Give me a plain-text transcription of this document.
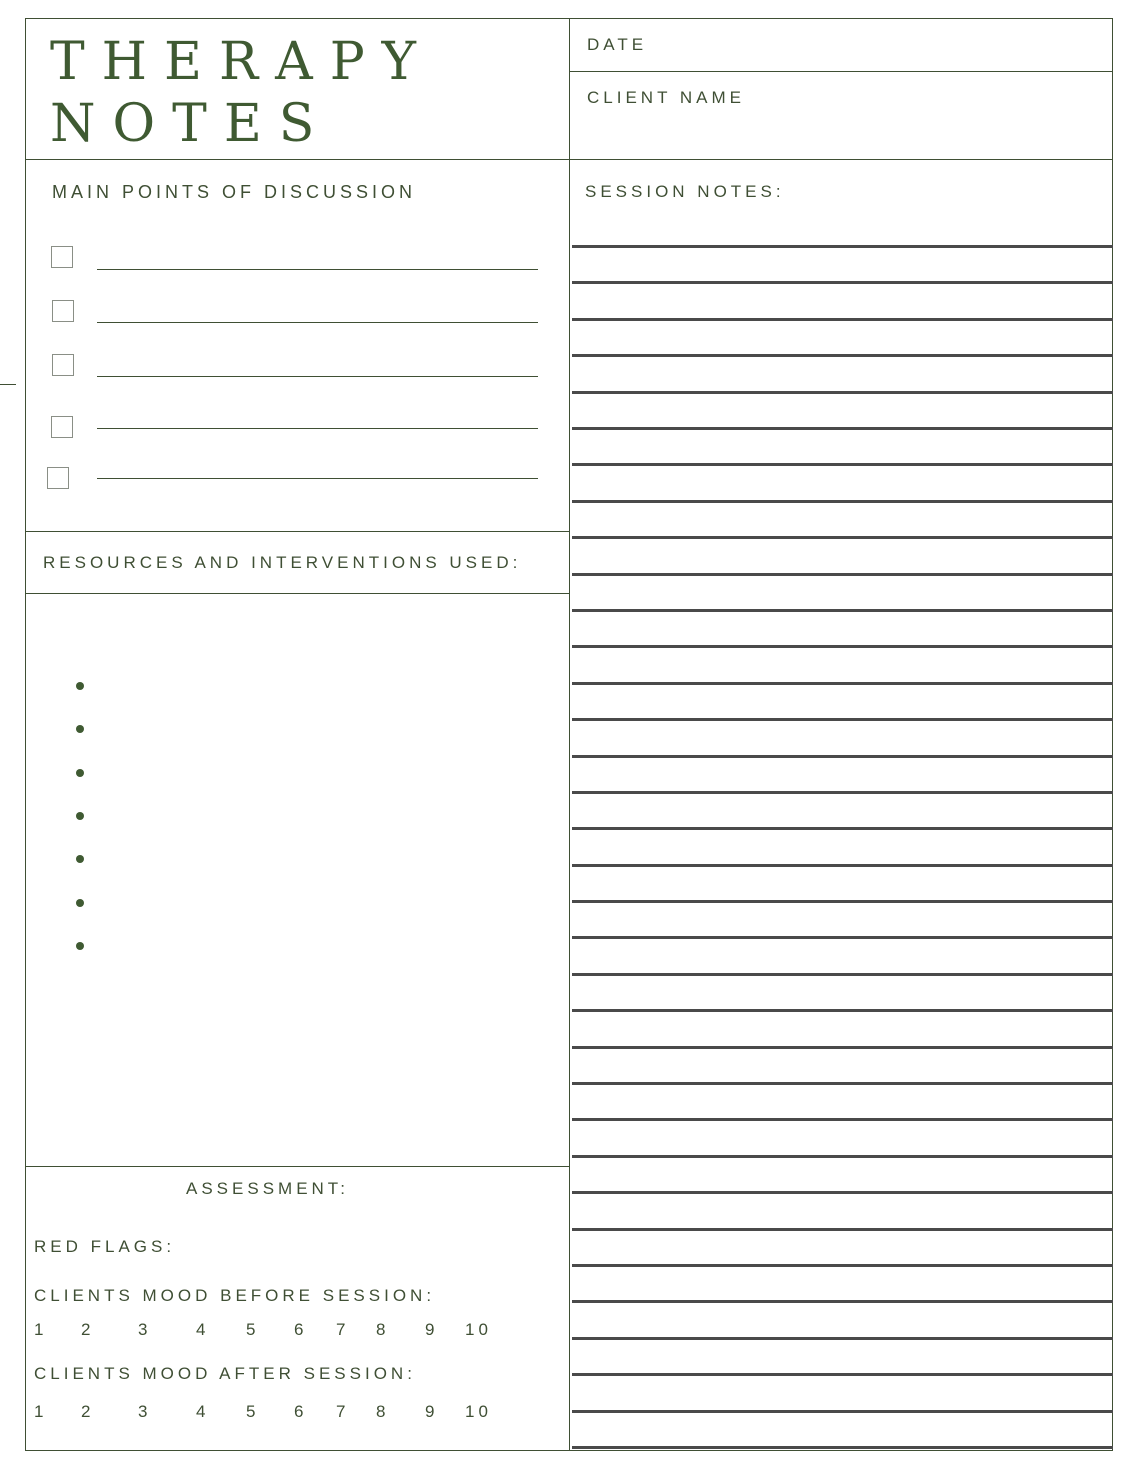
THERAPY
NOTES
DATE
CLIENT NAME
MAIN POINTS OF DISCUSSION	SESSION NOTES:
RESOURCES AND INTERVENTIONS USED:
ASSESSMENT:
RED FLAGS:
CLIENTS MOOD BEFORE SESSION:
1 2	3	4 5 6 7 8 9 10
CLIENTS MOOD AFTER SESSION:
1 2	3	4 5 6 7 8 9 10
